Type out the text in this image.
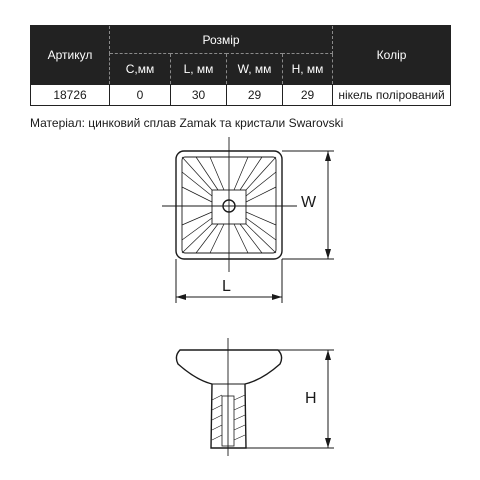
Артикул	Розмір				Колір
	C,мм	L, мм	W, мм	H, мм	
18726	0	30	29	29	нікель полірований
Матеріал: цинковий сплав Zamak та кристали Swarovski
W
L
H
